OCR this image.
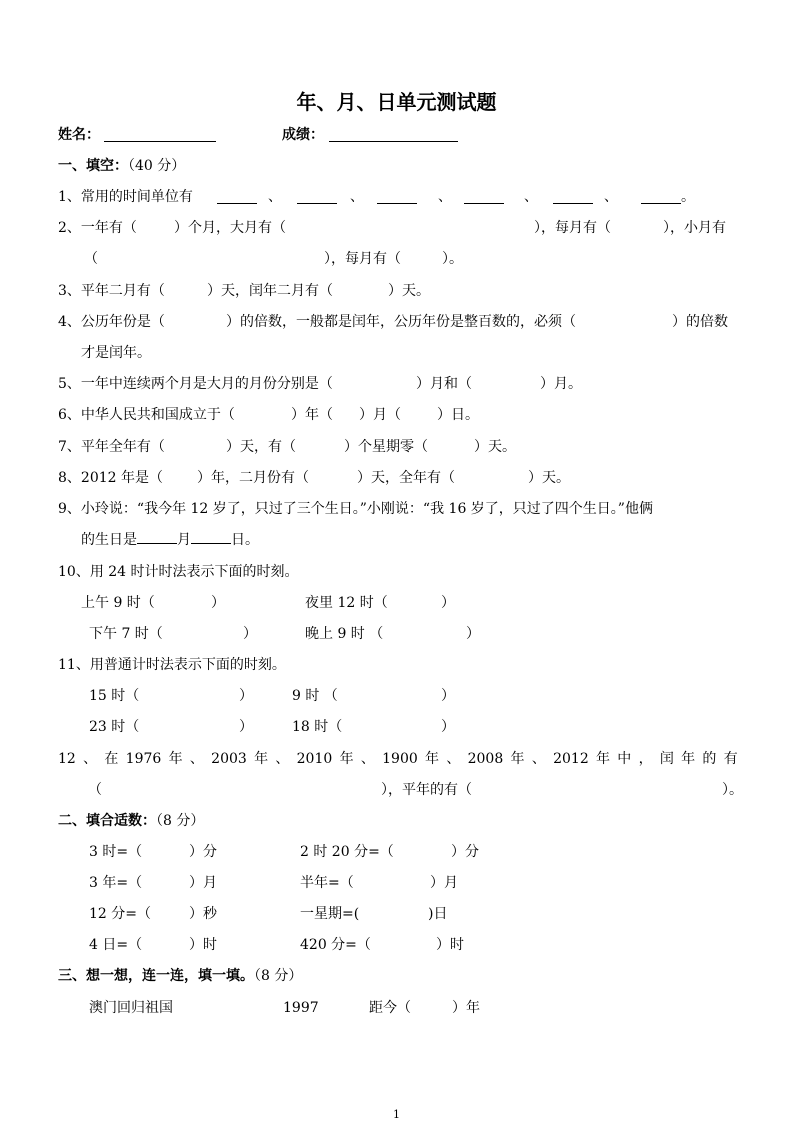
年、月、日单元测试题
姓名：	成绩：
一、填空：（40 分）
1、常用的时间单位有	、	、	、	、	、	。
2、一年有（	）个月，大月有（	），每月有（	），小月有
（	），每月有（	）。
3、平年二月有（	）天，闰年二月有（	）天。
4、公历年份是（	）的倍数，一般都是闰年，公历年份是整百数的，必须（	）的倍数
才是闰年。
5、一年中连续两个月是大月的月份分别是（	）月和（	）月。
6、中华人民共和国成立于（	）年（ ）月（	）日。
7、平年全年有（	）天，有（	）个星期零（	）天。
8、2012 年是（ ）年，二月份有（	）天，全年有（	）天。
9、小玲说：“我今年 12 岁了，只过了三个生日。”小刚说：“我 16 岁了，只过了四个生日。”他俩
的生日是	月	日。
10、用 24 时计时法表示下面的时刻。
上午 9 时（	）	夜里 12 时（	）
下午 7 时（	）	晚上 9 时 （	）
11、用普通计时法表示下面的时刻。
15 时（	）	9 时 （	）
23 时（	）	18 时（	）
12 、 在 1976 年 、 2003 年 、 2010 年 、 1900 年 、 2008 年 、 2012 年 中 ， 闰 年 的 有
（	），平年的有（	）。
二、填合适数：（8 分）
3 时=（	）分	2 时 20 分=（	）分
3 年=（	）月	半年=（	）月
12 分=（	）秒	一星期=(	)日
4 日=（	）时	420 分=（	）时
三、想一想，连一连，填一填。（8 分）
澳门回归祖国	1997	距今（	）年
1
